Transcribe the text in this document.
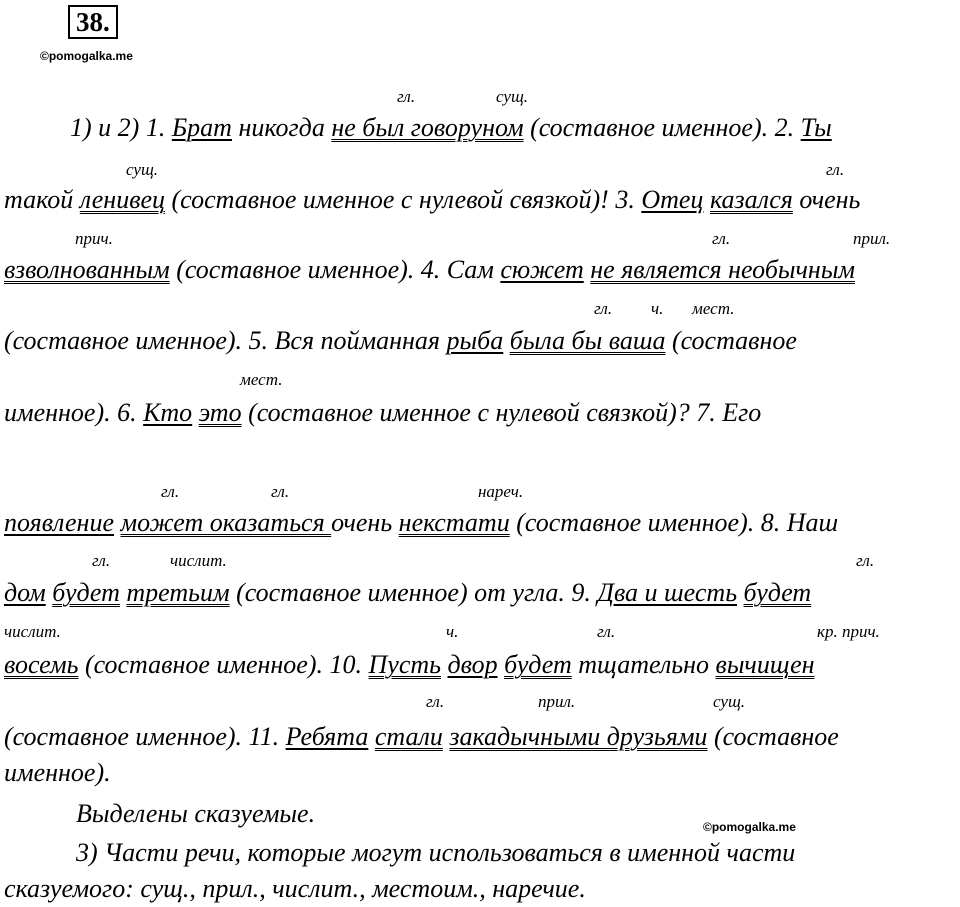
38.
©pomogalka.me
©pomogalka.me
гл.	сущ.
сущ.	гл.
прич.	гл.	прил.
гл. ч. мест.
мест.
гл.	гл.	нареч.
гл.	числит.	гл.
числит.	ч.	гл.	кр. прич.
гл.	прил.	сущ.
1) и 2) 1. Брат никогда не был говоруном (составное именное). 2. Ты
такой ленивец (составное именное с нулевой связкой)! 3. Отец казался очень
взволнованным (составное именное). 4. Сам сюжет не является необычным
(составное именное). 5. Вся пойманная рыба была бы ваша (составное
именное). 6. Кто это (составное именное с нулевой связкой)? 7. Его
появление может оказаться очень некстати (составное именное). 8. Наш
дом будет третьим (составное именное) от угла. 9. Два и шесть будет
восемь (составное именное). 10. Пусть двор будет тщательно вычищен
(составное именное). 11. Ребята стали закадычными друзьями (составное
именное).
Выделены сказуемые.
3) Части речи, которые могут использоваться в именной части
сказуемого: сущ., прил., числит., местоим., наречие.
